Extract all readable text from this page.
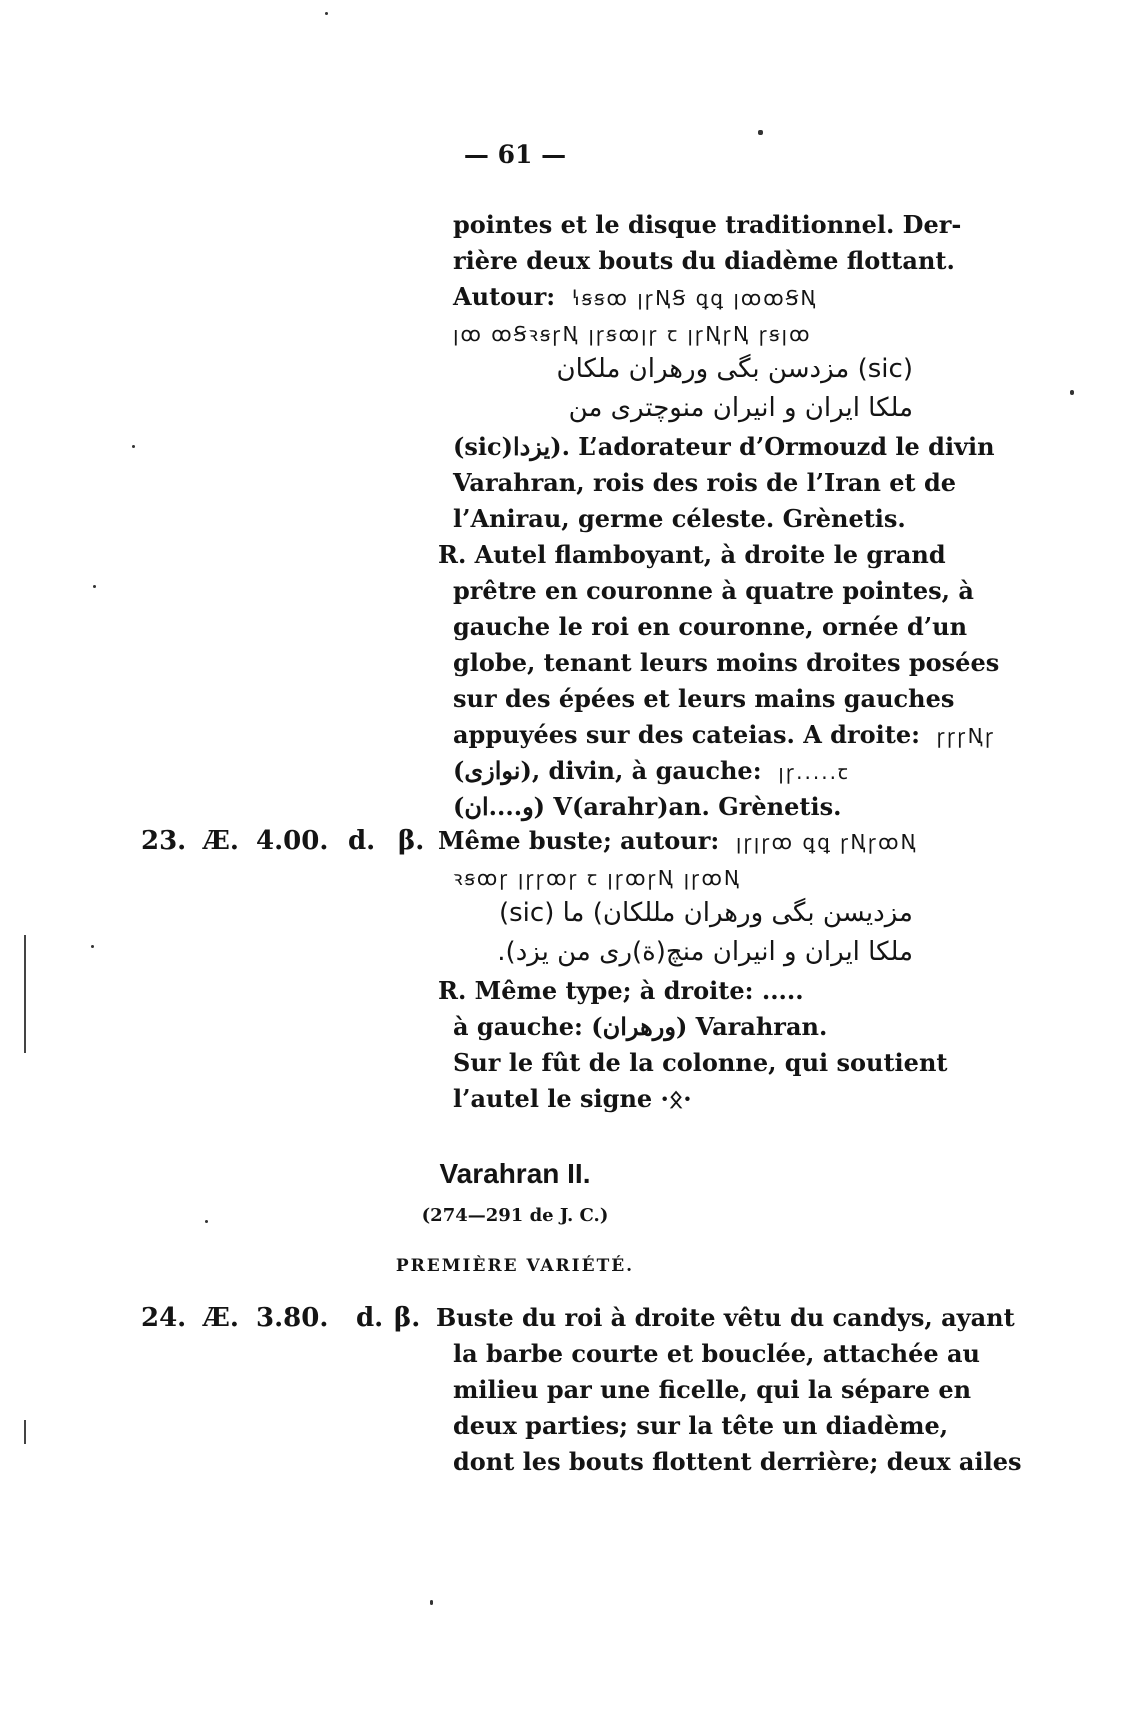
— 61 —
pointes et le disque traditionnel. Der-
rière deux bouts du diadème flottant.
Autour:  ꝇꞩꞩꝏ ꞁꞅꞐꞨ ꝗꝗ ꞁꝏꝏꞨꞐ
ꞁꝏ ꝏꞨꝛꞩꞅꞐ ꞁꞅꞩꝏꞁꞅ ꞇ ꞁꞅꞐꞅꞐ ꞅꞩꞁꝏ
(sic) مزدسن بگی ورهران ملکان
ملکا ایران و انیران منوچتری من
(sic)یزدا). L’adorateur d’Ormouzd le divin
Varahran, rois des rois de l’Iran et de
l’Anirau, germe céleste. Grènetis.
R. Autel flamboyant, à droite le grand
prêtre en couronne à quatre pointes, à
gauche le roi en couronne, ornée d’un
globe, tenant leurs moins droites posées
sur des épées et leurs mains gauches
appuyées sur des cateias. A droite:  ꞅꞅꞅꞐꞅ
(نوازی), divin, à gauche:  ꞁꞅ.....ꞇ
(و....ان) V(arahr)an. Grènetis.
23. Æ. 4.00. d. β. Même buste; autour:  ꞁꞅꞁꞅꝏ ꝗꝗ ꞅꞐꞅꝏꞐ
ꝛꞩꝏꞅ ꞁꞅꞅꝏꞅ ꞇ ꞁꞅꝏꞅꞐ ꞁꞅꝏꞐ
مزدیسن بگی ورهران مللکان) ما (sic)
ملکا ایران و انیران منچ(ة)ری من یزد).
R. Même type; à droite: .....
à gauche: (ورهران) Varahran.
Sur le fût de la colonne, qui soutient
l’autel le signe ·ᛟ·
Varahran II.
(274—291 de J. C.)
PREMIÈRE VARIÉTÉ.
24. Æ. 3.80. d. β. Buste du roi à droite vêtu du candys, ayant
la barbe courte et bouclée, attachée au
milieu par une ficelle, qui la sépare en
deux parties; sur la tête un diadème,
dont les bouts flottent derrière; deux ailes
